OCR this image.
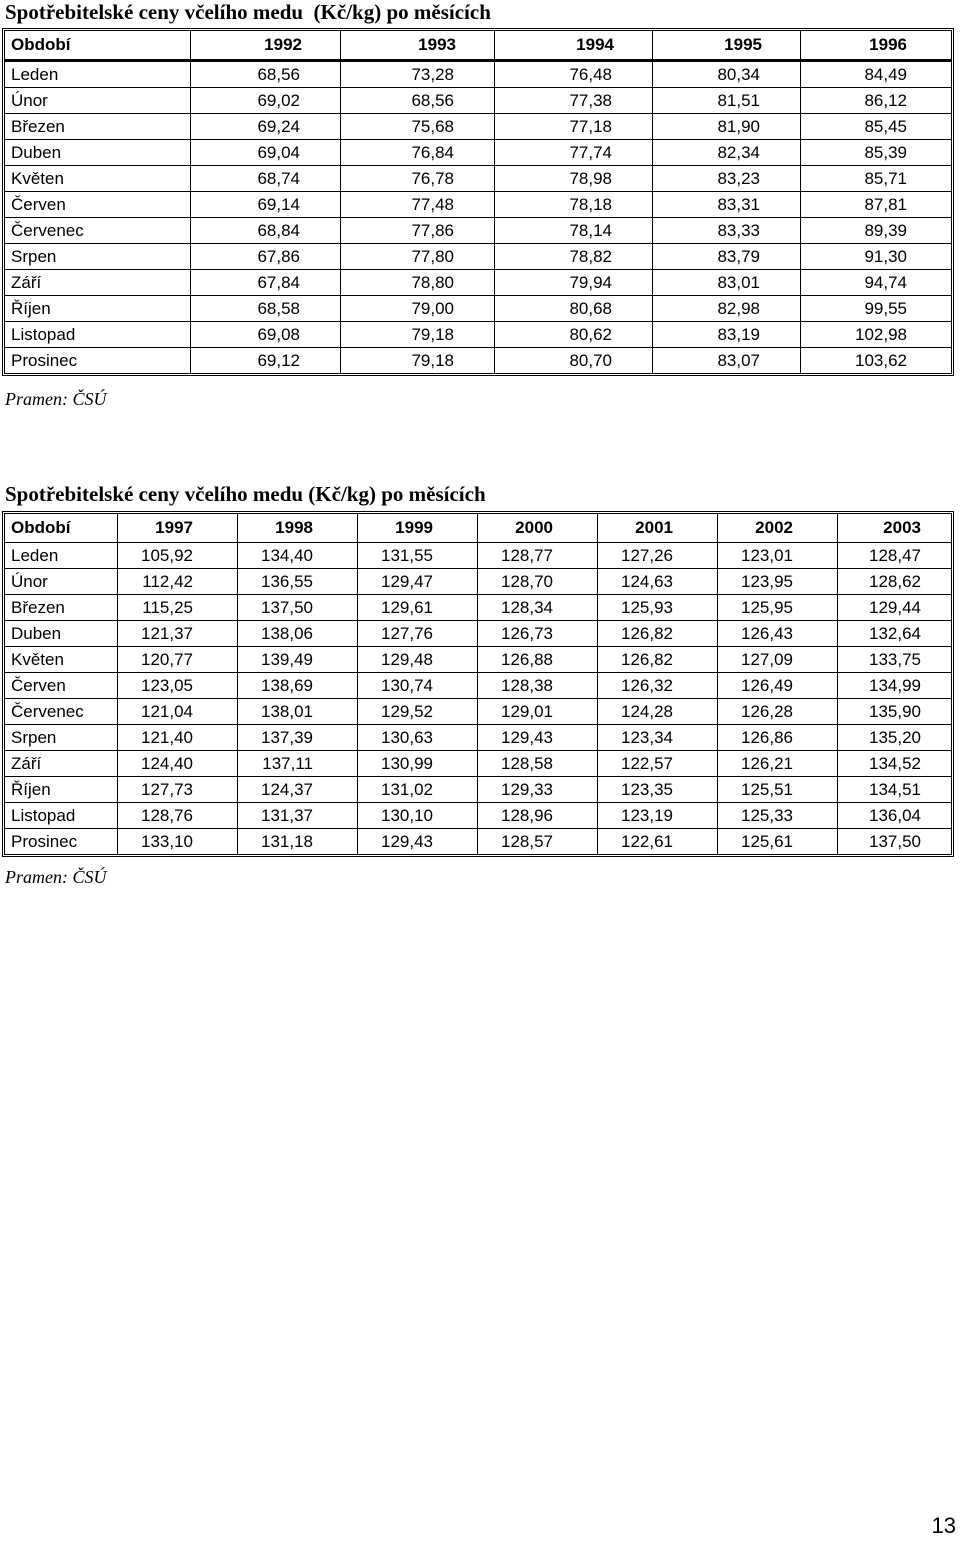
Spotřebitelské ceny včelího medu  (Kč/kg) po měsících
Období	1992	1993	1994	1995	1996
Leden	68,56	73,28	76,48	80,34	84,49
Únor	69,02	68,56	77,38	81,51	86,12
Březen	69,24	75,68	77,18	81,90	85,45
Duben	69,04	76,84	77,74	82,34	85,39
Květen	68,74	76,78	78,98	83,23	85,71
Červen	69,14	77,48	78,18	83,31	87,81
Červenec	68,84	77,86	78,14	83,33	89,39
Srpen	67,86	77,80	78,82	83,79	91,30
Září	67,84	78,80	79,94	83,01	94,74
Říjen	68,58	79,00	80,68	82,98	99,55
Listopad	69,08	79,18	80,62	83,19	102,98
Prosinec	69,12	79,18	80,70	83,07	103,62
Pramen: ČSÚ
Spotřebitelské ceny včelího medu (Kč/kg) po měsících
Období	1997	1998	1999	2000	2001	2002	2003
Leden	105,92	134,40	131,55	128,77	127,26	123,01	128,47
Únor	112,42	136,55	129,47	128,70	124,63	123,95	128,62
Březen	115,25	137,50	129,61	128,34	125,93	125,95	129,44
Duben	121,37	138,06	127,76	126,73	126,82	126,43	132,64
Květen	120,77	139,49	129,48	126,88	126,82	127,09	133,75
Červen	123,05	138,69	130,74	128,38	126,32	126,49	134,99
Červenec	121,04	138,01	129,52	129,01	124,28	126,28	135,90
Srpen	121,40	137,39	130,63	129,43	123,34	126,86	135,20
Září	124,40	137,11	130,99	128,58	122,57	126,21	134,52
Říjen	127,73	124,37	131,02	129,33	123,35	125,51	134,51
Listopad	128,76	131,37	130,10	128,96	123,19	125,33	136,04
Prosinec	133,10	131,18	129,43	128,57	122,61	125,61	137,50
Pramen: ČSÚ
13
